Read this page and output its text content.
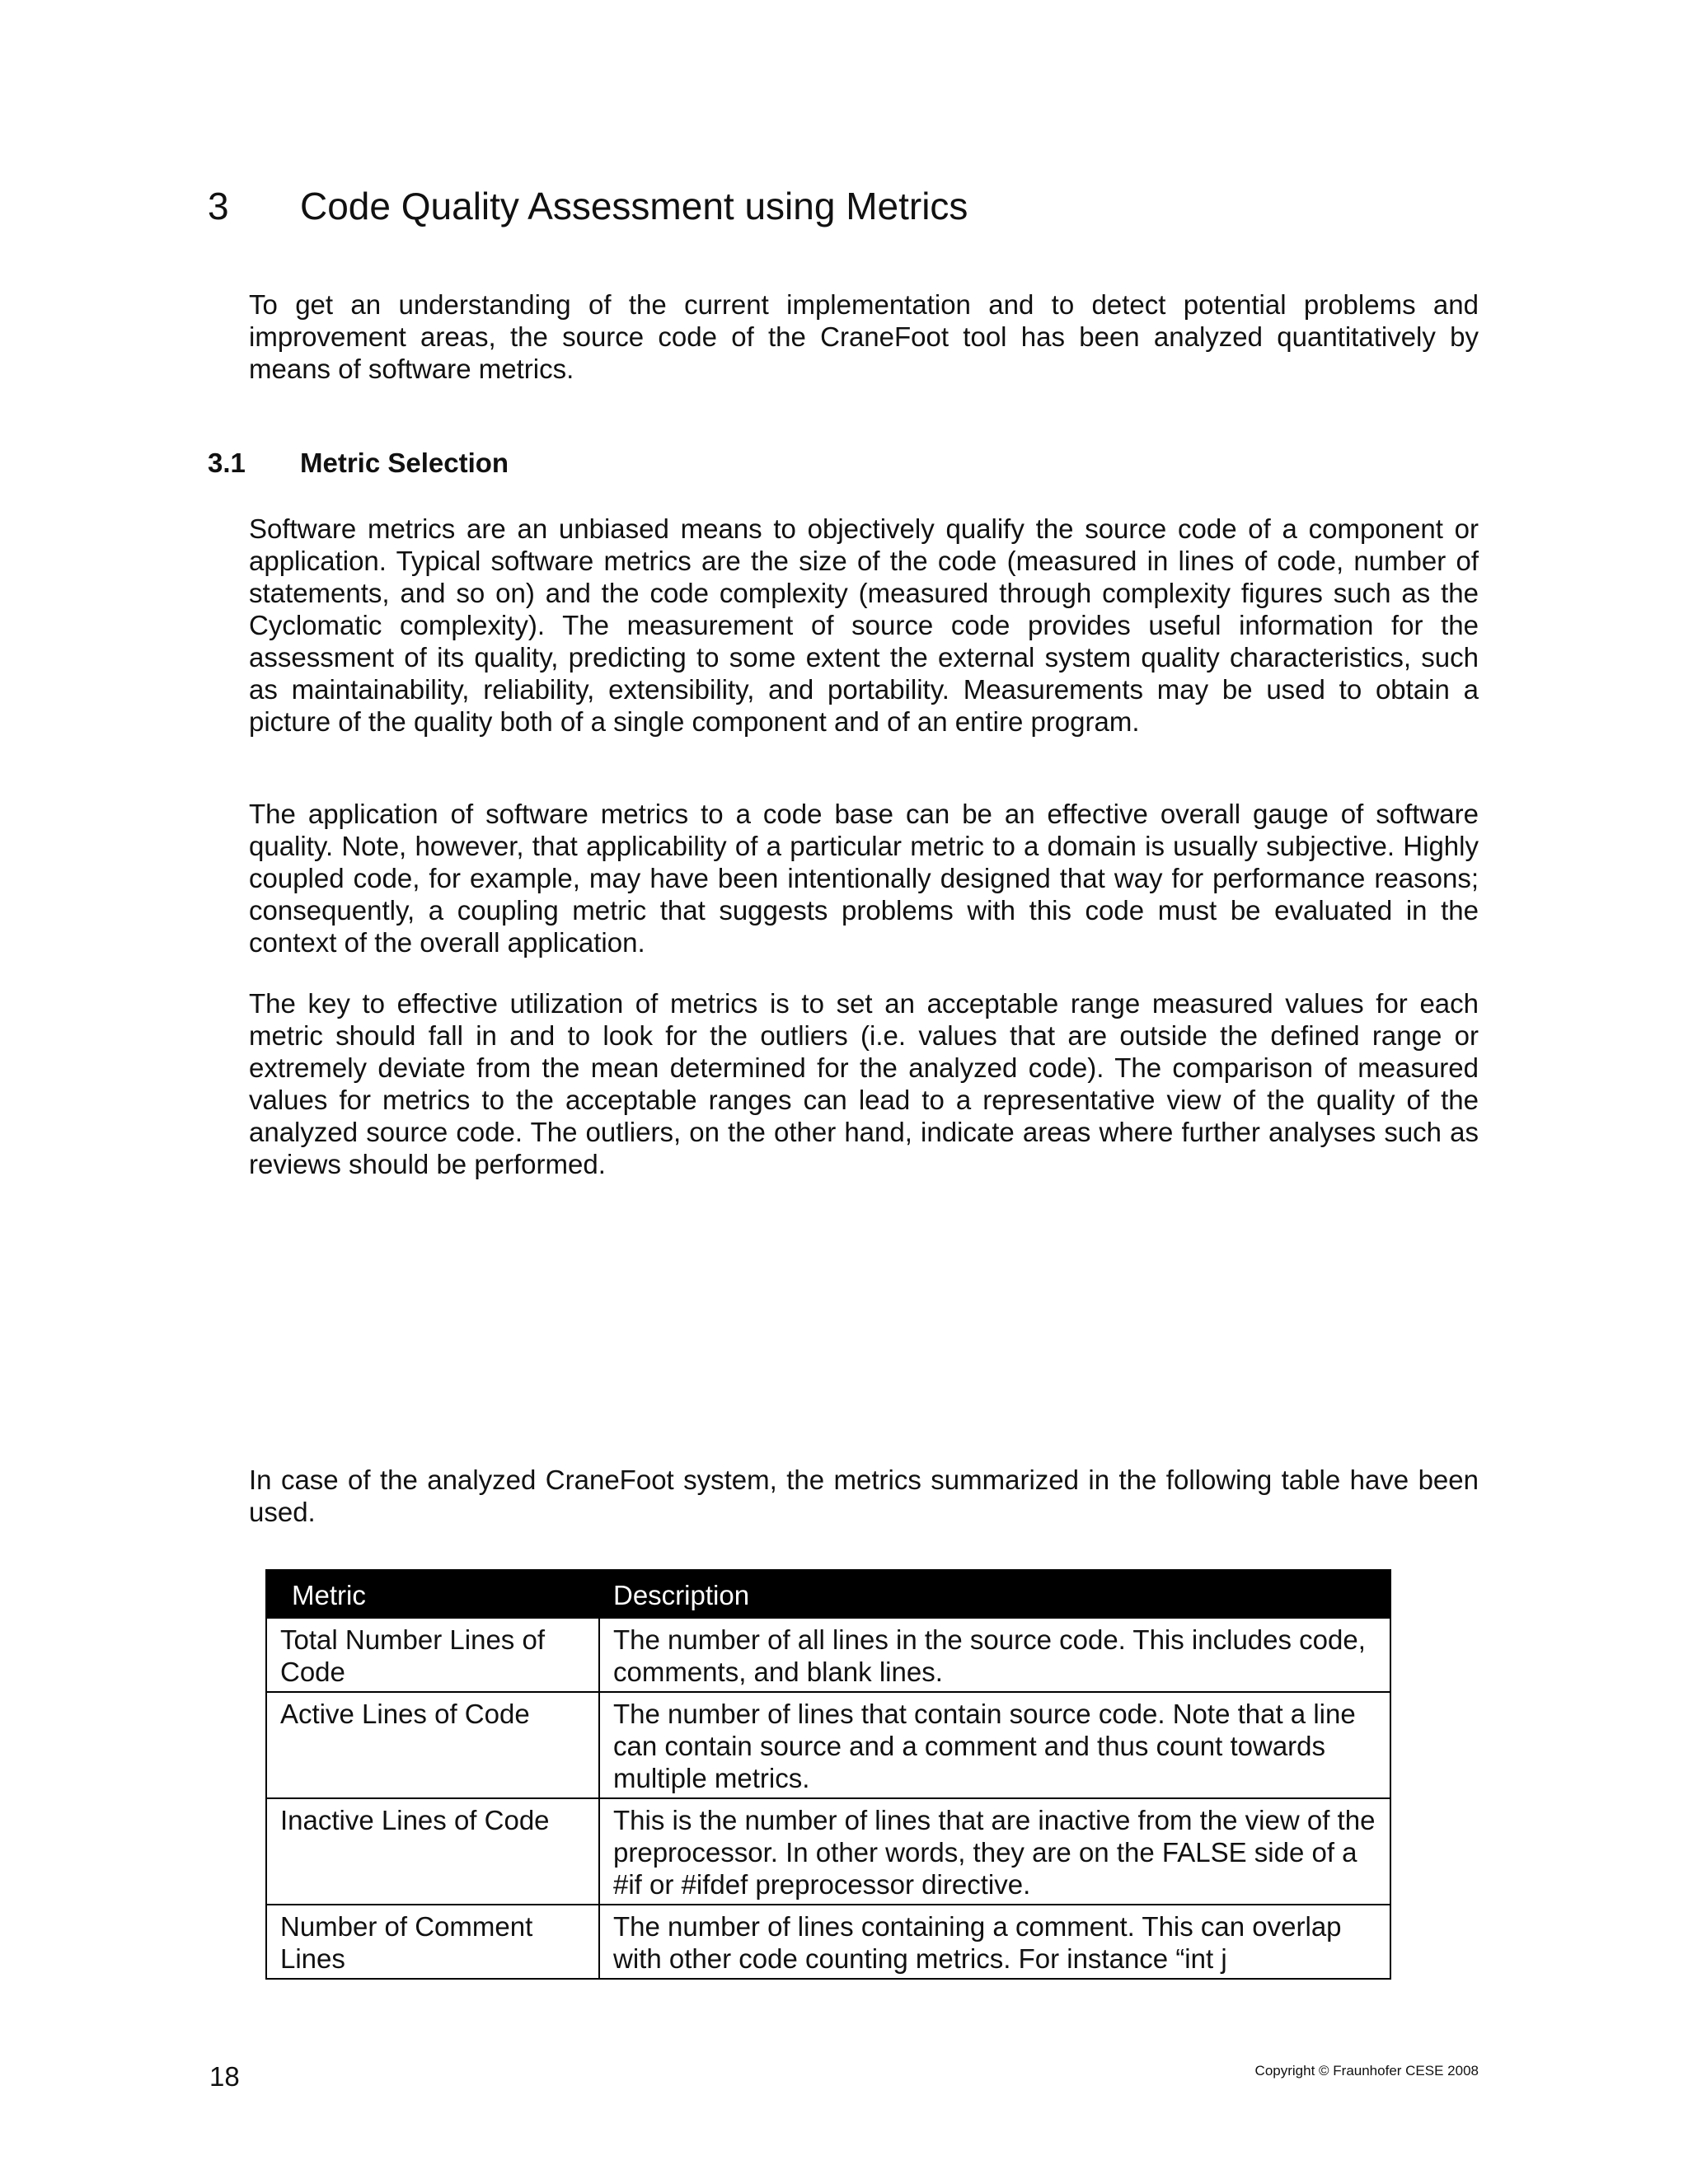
3 Code Quality Assessment using Metrics

To get an understanding of the current implementation and to detect potential problems and improvement areas, the source code of the CraneFoot tool has been analyzed quantitatively by means of software metrics.

3.1 Metric Selection

Software metrics are an unbiased means to objectively qualify the source code of a component or application. Typical software metrics are the size of the code (measured in lines of code, number of statements, and so on) and the code complexity (measured through complexity figures such as the Cyclomatic complexity). The measurement of source code provides useful information for the assessment of its quality, predicting to some extent the external system quality characteristics, such as maintainability, reliability, extensibility, and portability. Measurements may be used to obtain a picture of the quality both of a single component and of an entire program.

The application of software metrics to a code base can be an effective overall gauge of software quality. Note, however, that applicability of a particular metric to a domain is usually subjective. Highly coupled code, for example, may have been intentionally designed that way for performance reasons; consequently, a coupling metric that suggests problems with this code must be evaluated in the context of the overall application.

The key to effective utilization of metrics is to set an acceptable range measured values for each metric should fall in and to look for the outliers (i.e. values that are outside the defined range or extremely deviate from the mean determined for the analyzed code). The comparison of measured values for metrics to the acceptable ranges can lead to a representative view of the quality of the analyzed source code. The outliers, on the other hand, indicate areas where further analyses such as reviews should be performed.

In case of the analyzed CraneFoot system, the metrics summarized in the following table have been used.

Metric	Description
Total Number Lines of Code	The number of all lines in the source code. This includes code, comments, and blank lines.
Active Lines of Code	The number of lines that contain source code. Note that a line can contain source and a comment and thus count towards multiple metrics.
Inactive Lines of Code	This is the number of lines that are inactive from the view of the preprocessor. In other words, they are on the FALSE side of a #if or #ifdef preprocessor directive.
Number of Comment Lines	The number of lines containing a comment. This can overlap with other code counting metrics. For instance “int j
18	Copyright © Fraunhofer CESE 2008
